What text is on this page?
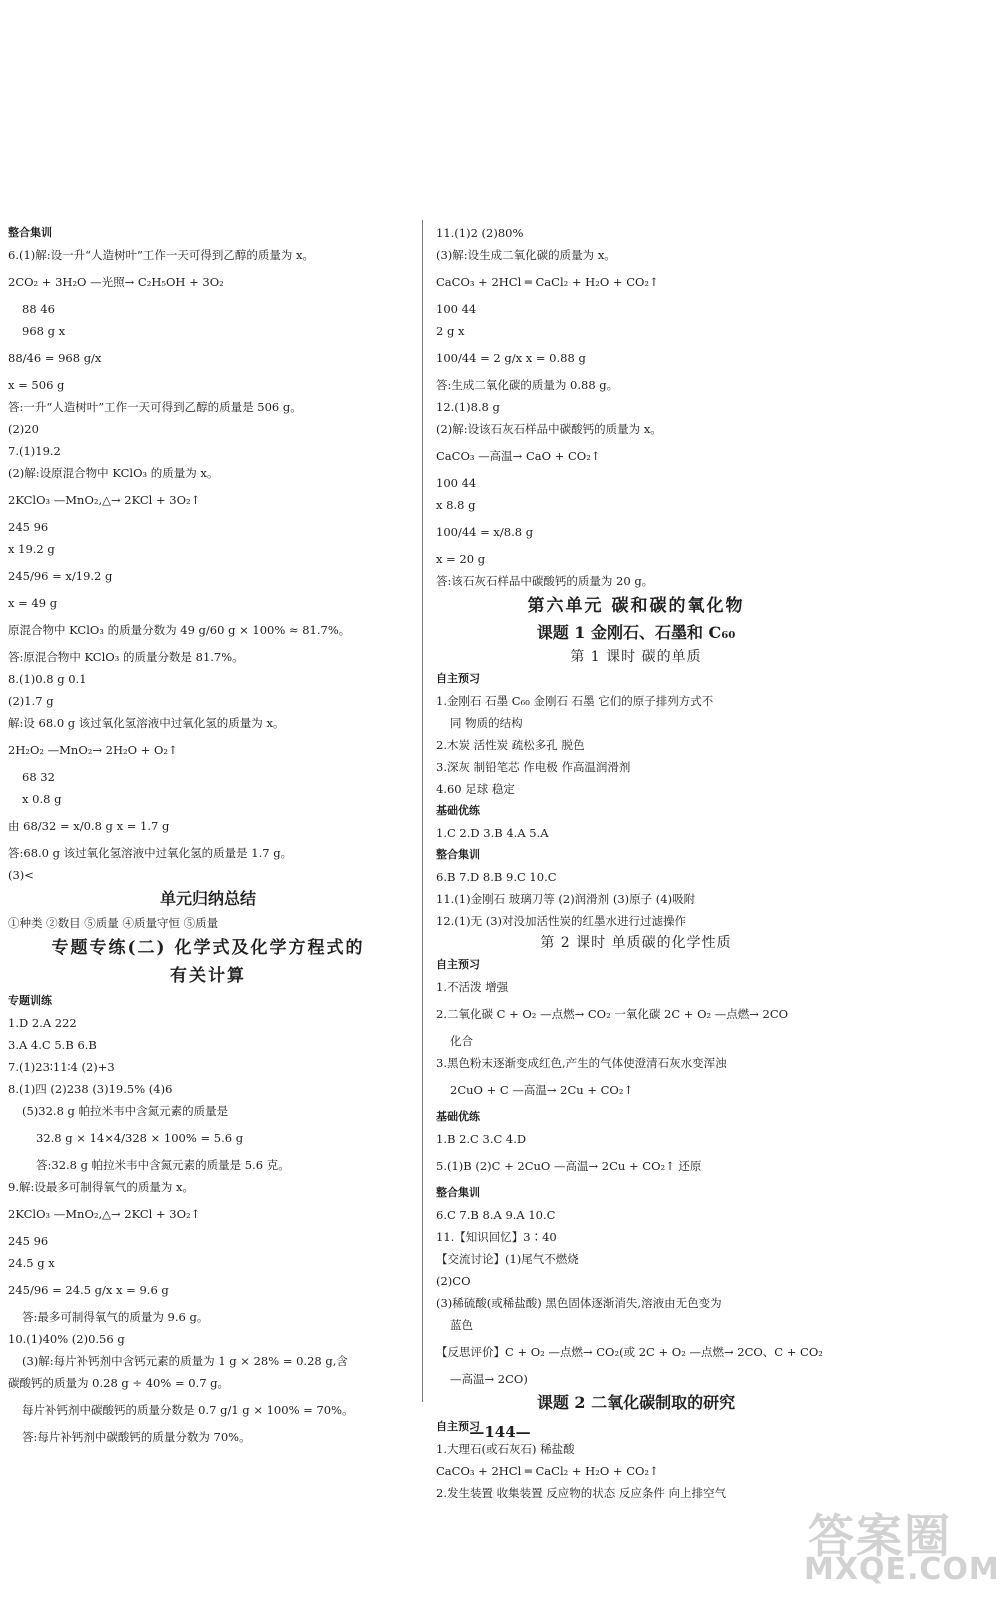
整合集训
6.(1)解:设一升“人造树叶”工作一天可得到乙醇的质量为 x。
2CO₂ + 3H₂O —光照→ C₂H₅OH + 3O₂
88 46
968 g x
88/46 = 968 g/x
x = 506 g
答:一升“人造树叶”工作一天可得到乙醇的质量是 506 g。
(2)20
7.(1)19.2
(2)解:设原混合物中 KClO₃ 的质量为 x。
2KClO₃ —MnO₂,△→ 2KCl + 3O₂↑
245 96
x 19.2 g
245/96 = x/19.2 g
x = 49 g
原混合物中 KClO₃ 的质量分数为 49 g/60 g × 100% ≈ 81.7%。
答:原混合物中 KClO₃ 的质量分数是 81.7%。
8.(1)0.8 g 0.1
(2)1.7 g
解:设 68.0 g 该过氧化氢溶液中过氧化氢的质量为 x。
2H₂O₂ —MnO₂→ 2H₂O + O₂↑
68 32
x 0.8 g
由 68/32 = x/0.8 g x = 1.7 g
答:68.0 g 该过氧化氢溶液中过氧化氢的质量是 1.7 g。
(3)<
单元归纳总结
①种类 ②数目 ⑤质量 ④质量守恒 ⑤质量
专题专练(二) 化学式及化学方程式的
有关计算
专题训练
1.D 2.A 222
3.A 4.C 5.B 6.B
7.(1)23∶11∶4 (2)+3
8.(1)四 (2)238 (3)19.5% (4)6
(5)32.8 g 帕拉米韦中含氮元素的质量是
32.8 g × 14×4/328 × 100% = 5.6 g
答:32.8 g 帕拉米韦中含氮元素的质量是 5.6 克。
9.解:设最多可制得氧气的质量为 x。
2KClO₃ —MnO₂,△→ 2KCl + 3O₂↑
245 96
24.5 g x
245/96 = 24.5 g/x x = 9.6 g
答:最多可制得氧气的质量为 9.6 g。
10.(1)40% (2)0.56 g
(3)解:每片补钙剂中含钙元素的质量为 1 g × 28% = 0.28 g,含
碳酸钙的质量为 0.28 g ÷ 40% = 0.7 g。
每片补钙剂中碳酸钙的质量分数是 0.7 g/1 g × 100% = 70%。
答:每片补钙剂中碳酸钙的质量分数为 70%。
11.(1)2 (2)80%
(3)解:设生成二氧化碳的质量为 x。
CaCO₃ + 2HCl ═ CaCl₂ + H₂O + CO₂↑
100 44
2 g x
100/44 = 2 g/x x = 0.88 g
答:生成二氧化碳的质量为 0.88 g。
12.(1)8.8 g
(2)解:设该石灰石样品中碳酸钙的质量为 x。
CaCO₃ —高温→ CaO + CO₂↑
100 44
x 8.8 g
100/44 = x/8.8 g
x = 20 g
答:该石灰石样品中碳酸钙的质量为 20 g。
第六单元 碳和碳的氧化物
课题 1 金刚石、石墨和 C₆₀
第 1 课时 碳的单质
自主预习
1.金刚石 石墨 C₆₀ 金刚石 石墨 它们的原子排列方式不
同 物质的结构
2.木炭 活性炭 疏松多孔 脱色
3.深灰 制铅笔芯 作电极 作高温润滑剂
4.60 足球 稳定
基础优练
1.C 2.D 3.B 4.A 5.A
整合集训
6.B 7.D 8.B 9.C 10.C
11.(1)金刚石 玻璃刀等 (2)润滑剂 (3)原子 (4)吸附
12.(1)无 (3)对没加活性炭的红墨水进行过滤操作
第 2 课时 单质碳的化学性质
自主预习
1.不活泼 增强
2.二氧化碳 C + O₂ —点燃→ CO₂ 一氧化碳 2C + O₂ —点燃→ 2CO
化合
3.黑色粉末逐渐变成红色,产生的气体使澄清石灰水变浑浊
2CuO + C —高温→ 2Cu + CO₂↑
基础优练
1.B 2.C 3.C 4.D
5.(1)B (2)C + 2CuO —高温→ 2Cu + CO₂↑ 还原
整合集训
6.C 7.B 8.A 9.A 10.C
11.【知识回忆】3∶40
【交流讨论】(1)尾气不燃烧
(2)CO
(3)稀硫酸(或稀盐酸) 黑色固体逐渐消失,溶液由无色变为
蓝色
【反思评价】C + O₂ —点燃→ CO₂(或 2C + O₂ —点燃→ 2CO、C + CO₂
—高温→ 2CO)
课题 2 二氧化碳制取的研究
自主预习
1.大理石(或石灰石) 稀盐酸
CaCO₃ + 2HCl ═ CaCl₂ + H₂O + CO₂↑
2.发生装置 收集装置 反应物的状态 反应条件 向上排空气
—144—
答案圈
MXQE.COM
